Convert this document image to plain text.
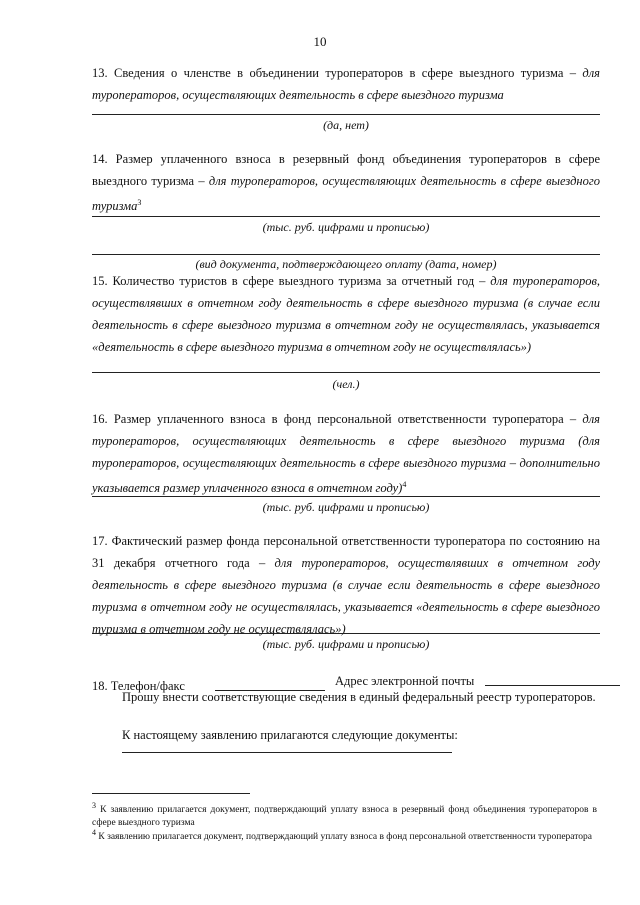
10
13. Сведения о членстве в объединении туроператоров в сфере выездного туризма – для туроператоров, осуществляющих деятельность в сфере выездного туризма
(да, нет)
14. Размер уплаченного взноса в резервный фонд объединения туроператоров в сфере выездного туризма – для туроператоров, осуществляющих деятельность в сфере выездного туризма$^3$
(тыс. руб. цифрами и прописью)
(вид документа, подтверждающего оплату (дата, номер)
15. Количество туристов в сфере выездного туризма за отчетный год – для туроператоров, осуществлявших в отчетном году деятельность в сфере выездного туризма (в случае если деятельность в сфере выездного туризма в отчетном году не осуществлялась, указывается «деятельность в сфере выездного туризма в отчетном году не осуществлялась»)
(чел.)
16. Размер уплаченного взноса в фонд персональной ответственности туроператора – для туроператоров, осуществляющих деятельность в сфере выездного туризма (для туроператоров, осуществляющих деятельность в сфере выездного туризма – дополнительно указывается размер уплаченного взноса в отчетном году)$^4$
(тыс. руб. цифрами и прописью)
17. Фактический размер фонда персональной ответственности туроператора по состоянию на 31 декабря отчетного года – для туроператоров, осуществлявших в отчетном году деятельность в сфере выездного туризма (в случае если деятельность в сфере выездного туризма в отчетном году не осуществлялась, указывается «деятельность в сфере выездного туризма в отчетном году не осуществлялась»)
(тыс. руб. цифрами и прописью)
18. Телефон/факс	Адрес электронной почты
Прошу внести соответствующие сведения в единый федеральный реестр туроператоров.
К настоящему заявлению прилагаются следующие документы:
$^3$ К заявлению прилагается документ, подтверждающий уплату взноса в резервный фонд объединения туроператоров в сфере выездного туризма
$^4$ К заявлению прилагается документ, подтверждающий уплату взноса в фонд персональной ответственности туроператора
